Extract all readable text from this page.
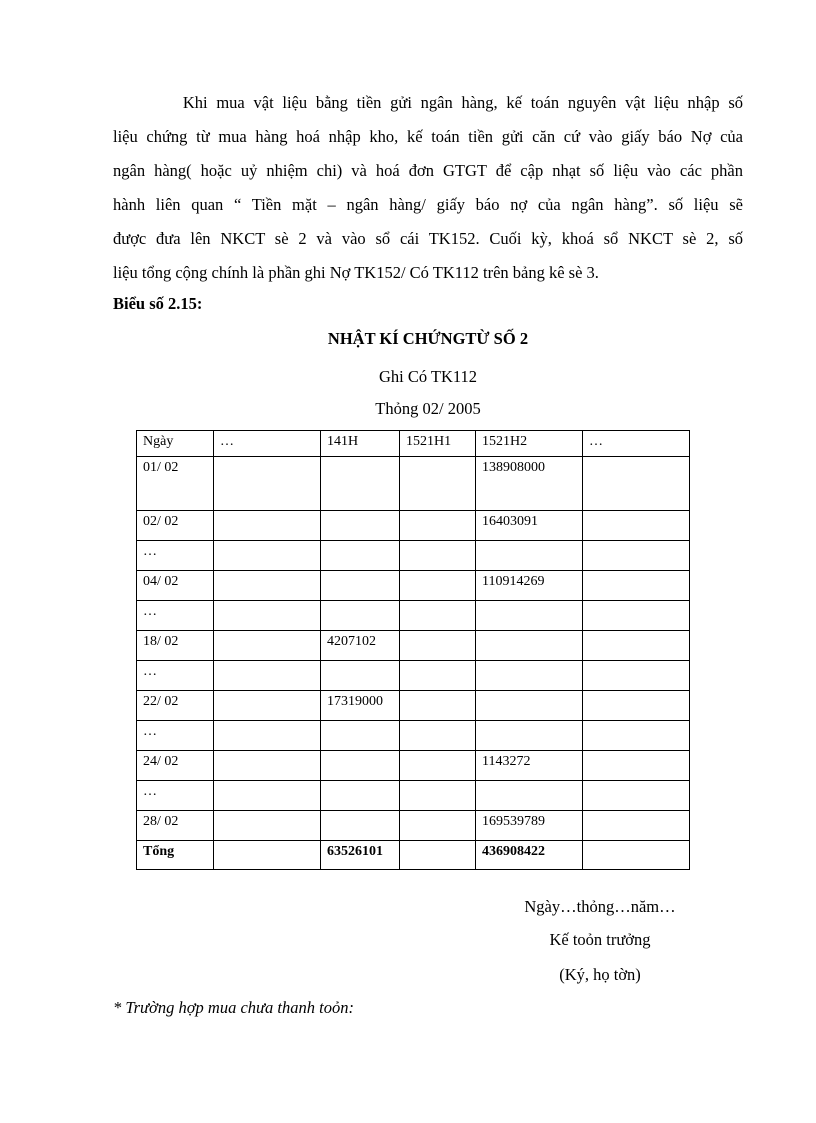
Khi mua vật liệu bằng tiền gửi ngân hàng, kế toán nguyên vật liệu nhập số
liệu chứng từ mua hàng hoá nhập kho, kế toán tiền gửi căn cứ vào giấy báo Nợ của
ngân hàng( hoặc uỷ nhiệm chi) và hoá đơn GTGT để cập nhạt số liệu vào các phần
hành liên quan “ Tiền mặt – ngân hàng/ giấy báo nợ của ngân hàng”. số liệu sẽ
được đưa lên NKCT sè 2 và vào sổ cái TK152. Cuối kỳ, khoá sổ NKCT sè 2, số
liệu tổng cộng chính là phần ghi Nợ TK152/ Có TK112 trên bảng kê sè 3.
Biểu số 2.15:
NHẬT KÍ CHỨNGTỪ SỐ 2
Ghi Có TK112
Thỏng 02/ 2005
Ngày	…	141H	1521H1	1521H2	…
01/ 02				138908000	
02/ 02				16403091	
…					
04/ 02				110914269	
…					
18/ 02		4207102			
…					
22/ 02		17319000			
…					
24/ 02				1143272	
…					
28/ 02				169539789	
Tổng		63526101		436908422	
Ngày…thỏng…năm…
Kế toỏn trưởng
(Ký, họ tờn)
* Trường hợp mua chưa thanh toỏn:
